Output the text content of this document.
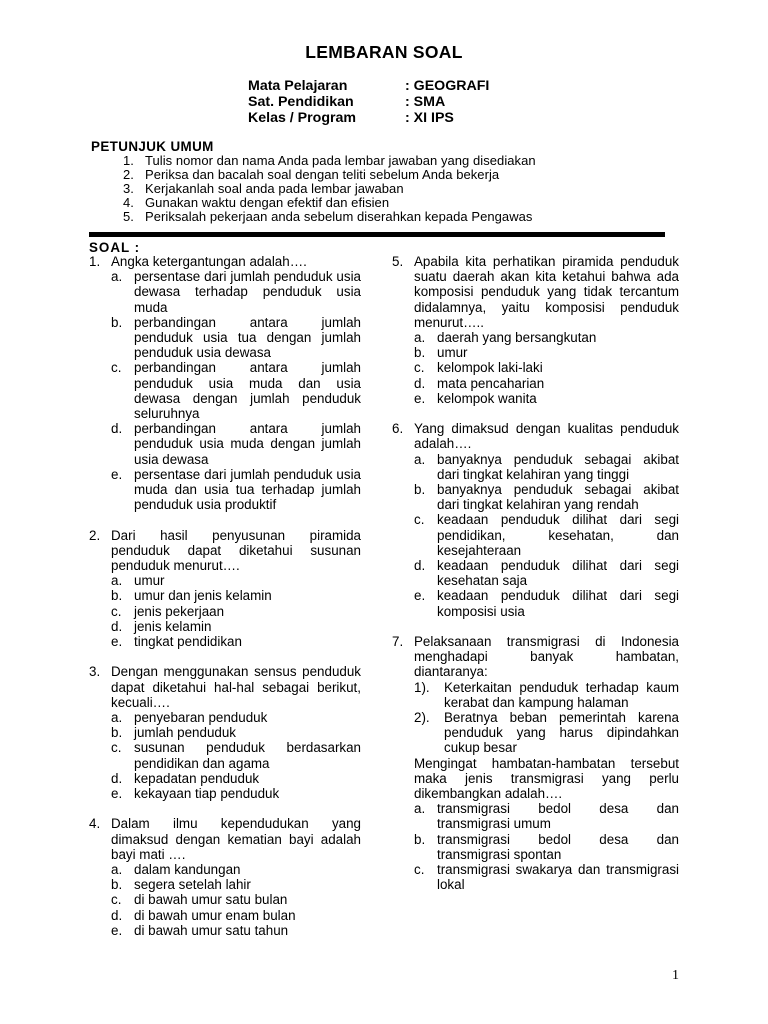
LEMBARAN SOAL
Mata Pelajaran	: GEOGRAFI
Sat. Pendidikan	: SMA
Kelas / Program	: XI IPS
PETUNJUK UMUM
1. Tulis nomor dan nama Anda pada lembar jawaban yang disediakan
2. Periksa dan bacalah soal dengan teliti sebelum Anda bekerja
3. Kerjakanlah soal anda pada lembar jawaban
4. Gunakan waktu dengan efektif dan efisien
5. Periksalah pekerjaan anda sebelum diserahkan kepada Pengawas
SOAL :
1. Angka ketergantungan adalah….
a. persentase dari jumlah penduduk usia dewasa terhadap penduduk usia muda
b. perbandingan antara jumlah penduduk usia tua dengan jumlah penduduk usia dewasa
c. perbandingan antara jumlah penduduk usia muda dan usia dewasa dengan jumlah penduduk seluruhnya
d. perbandingan antara jumlah penduduk usia muda dengan jumlah usia dewasa
e. persentase dari jumlah penduduk usia muda dan usia tua terhadap jumlah penduduk usia produktif
2. Dari hasil penyusunan piramida penduduk dapat diketahui susunan penduduk menurut….
a. umur
b. umur dan jenis kelamin
c. jenis pekerjaan
d. jenis kelamin
e. tingkat pendidikan
3. Dengan menggunakan sensus penduduk dapat diketahui hal-hal sebagai berikut, kecuali….
a. penyebaran penduduk
b. jumlah penduduk
c. susunan penduduk berdasarkan pendidikan dan agama
d. kepadatan penduduk
e. kekayaan tiap penduduk
4. Dalam ilmu kependudukan yang dimaksud dengan kematian bayi adalah bayi mati ….
a. dalam kandungan
b. segera setelah lahir
c. di bawah umur satu bulan
d. di bawah umur enam bulan
e. di bawah umur satu tahun
5. Apabila kita perhatikan piramida penduduk suatu daerah akan kita ketahui bahwa ada komposisi penduduk yang tidak tercantum didalamnya, yaitu komposisi penduduk menurut…..
a. daerah yang bersangkutan
b. umur
c. kelompok laki-laki
d. mata pencaharian
e. kelompok wanita
6. Yang dimaksud dengan kualitas penduduk adalah….
a. banyaknya penduduk sebagai akibat dari tingkat kelahiran yang tinggi
b. banyaknya penduduk sebagai akibat dari tingkat kelahiran yang rendah
c. keadaan penduduk dilihat dari segi pendidikan, kesehatan, dan kesejahteraan
d. keadaan penduduk dilihat dari segi kesehatan saja
e. keadaan penduduk dilihat dari segi komposisi usia
7. Pelaksanaan transmigrasi di Indonesia menghadapi banyak hambatan, diantaranya:
1).	Keterkaitan penduduk terhadap kaum kerabat dan kampung halaman
2).	Beratnya beban pemerintah karena penduduk yang harus dipindahkan cukup besar
Mengingat hambatan-hambatan tersebut maka jenis transmigrasi yang perlu dikembangkan adalah….
a. transmigrasi bedol desa dan transmigrasi umum
b. transmigrasi bedol desa dan transmigrasi spontan
c. transmigrasi swakarya dan transmigrasi lokal
1
